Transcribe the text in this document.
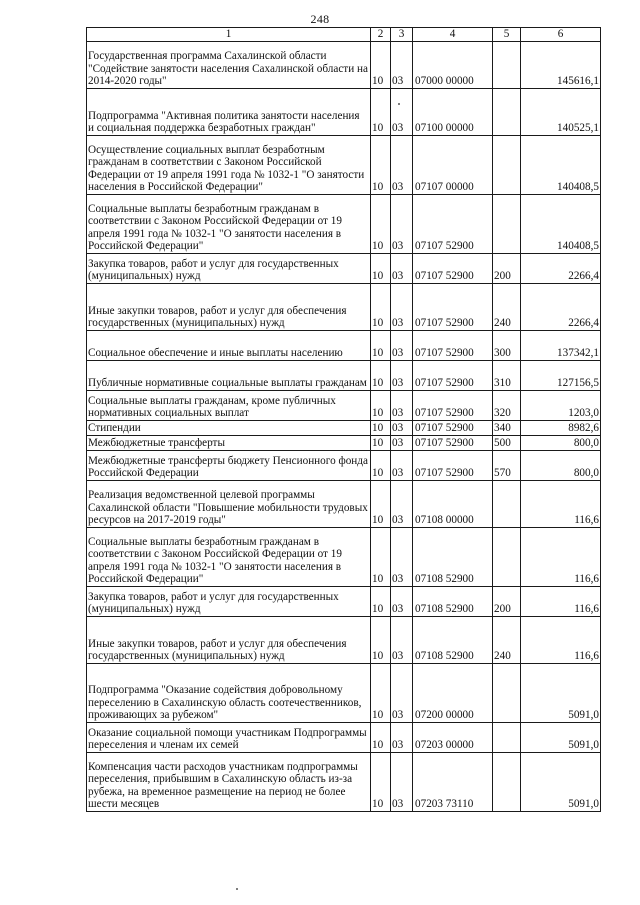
248
1	2	3	4	5	6
Государственная программа Сахалинской области "Содействие занятости населения Сахалинской области на 2014-2020 годы"	10	03	07000 00000		145616,1
Подпрограмма "Активная политика занятости населения и социальная поддержка безработных граждан"	10	03	07100 00000		140525,1
Осуществление социальных выплат безработным гражданам в соответствии с Законом Российской Федерации от 19 апреля 1991 года № 1032-1 "О занятости населения в Российской Федерации"	10	03	07107 00000		140408,5
Социальные выплаты безработным гражданам в соответствии с Законом Российской Федерации от 19 апреля 1991 года № 1032-1 "О занятости населения в Российской Федерации"	10	03	07107 52900		140408,5
Закупка товаров, работ и услуг для государственных (муниципальных) нужд	10	03	07107 52900	200	2266,4
Иные закупки товаров, работ и услуг для обеспечения государственных (муниципальных) нужд	10	03	07107 52900	240	2266,4
Социальное обеспечение и иные выплаты населению	10	03	07107 52900	300	137342,1
Публичные нормативные социальные выплаты гражданам	10	03	07107 52900	310	127156,5
Социальные выплаты гражданам, кроме публичных нормативных социальных выплат	10	03	07107 52900	320	1203,0
Стипендии	10	03	07107 52900	340	8982,6
Межбюджетные трансферты	10	03	07107 52900	500	800,0
Межбюджетные трансферты бюджету Пенсионного фонда Российской Федерации	10	03	07107 52900	570	800,0
Реализация ведомственной целевой программы Сахалинской области "Повышение мобильности трудовых ресурсов на 2017-2019 годы"	10	03	07108 00000		116,6
Социальные выплаты безработным гражданам в соответствии с Законом Российской Федерации от 19 апреля 1991 года № 1032-1 "О занятости населения в Российской Федерации"	10	03	07108 52900		116,6
Закупка товаров, работ и услуг для государственных (муниципальных) нужд	10	03	07108 52900	200	116,6
Иные закупки товаров, работ и услуг для обеспечения государственных (муниципальных) нужд	10	03	07108 52900	240	116,6
Подпрограмма "Оказание содействия добровольному переселению в Сахалинскую область соотечественников, проживающих за рубежом"	10	03	07200 00000		5091,0
Оказание социальной помощи участникам Подпрограммы переселения и членам их семей	10	03	07203 00000		5091,0
Компенсация части расходов участникам подпрограммы переселения, прибывшим в Сахалинскую область из-за рубежа, на временное размещение на период не более шести месяцев	10	03	07203 73110		5091,0
